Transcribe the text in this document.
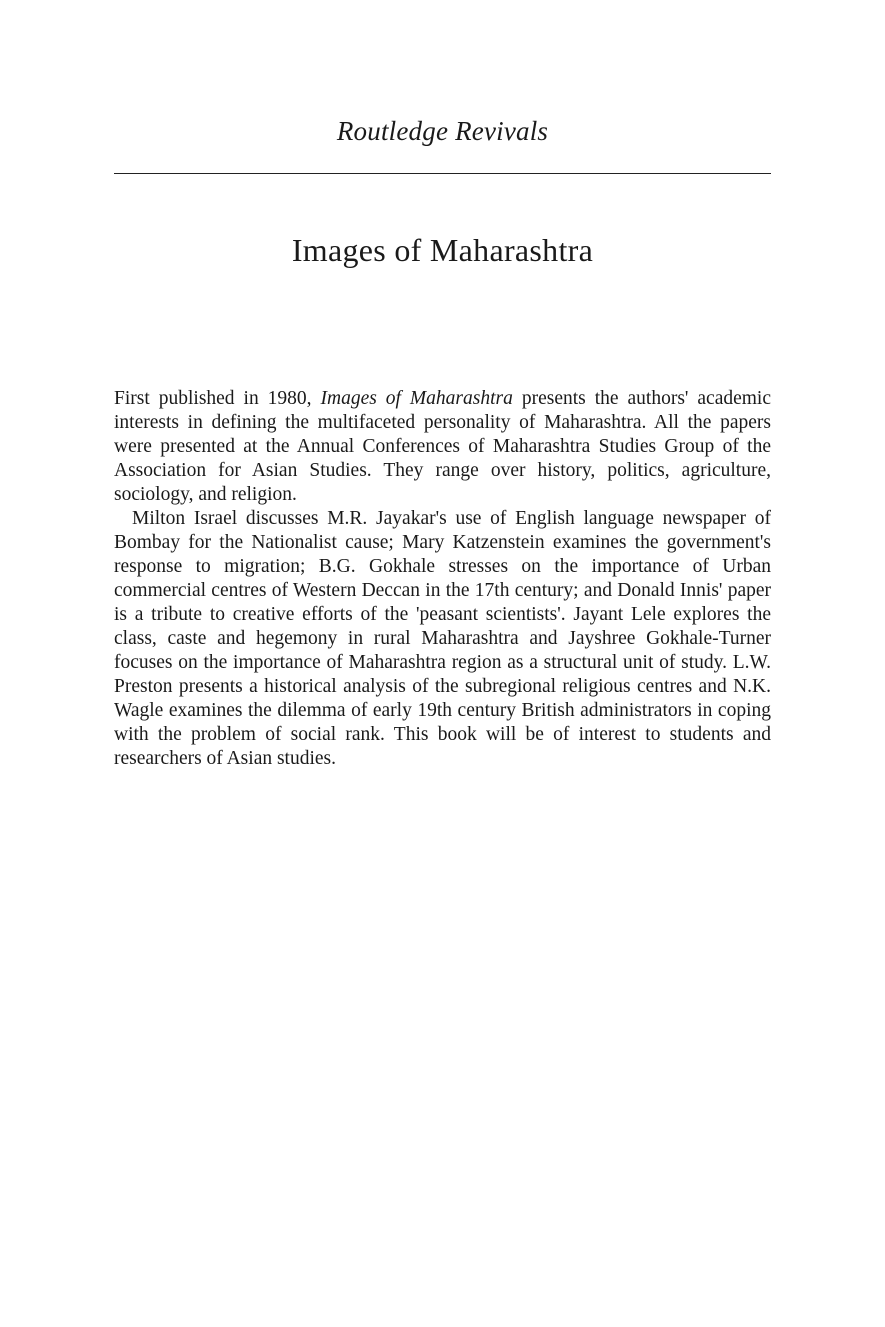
Routledge Revivals
Images of Maharashtra

First published in 1980, Images of Maharashtra presents the authors' academic interests in defining the multifaceted personality of Maharashtra. All the papers were presented at the Annual Conferences of Maharashtra Studies Group of the Association for Asian Studies. They range over history, politics, agriculture, sociology, and religion.

Milton Israel discusses M.R. Jayakar's use of English language newspaper of Bombay for the Nationalist cause; Mary Katzenstein examines the government's response to migration; B.G. Gokhale stresses on the importance of Urban commercial centres of Western Deccan in the 17th century; and Donald Innis' paper is a tribute to creative efforts of the 'peasant scientists'. Jayant Lele explores the class, caste and hegemony in rural Maharashtra and Jayshree Gokhale-Turner focuses on the importance of Maharashtra region as a structural unit of study. L.W. Preston presents a historical analysis of the subregional religious centres and N.K. Wagle examines the dilemma of early 19th century British administrators in coping with the problem of social rank. This book will be of interest to students and researchers of Asian studies.
